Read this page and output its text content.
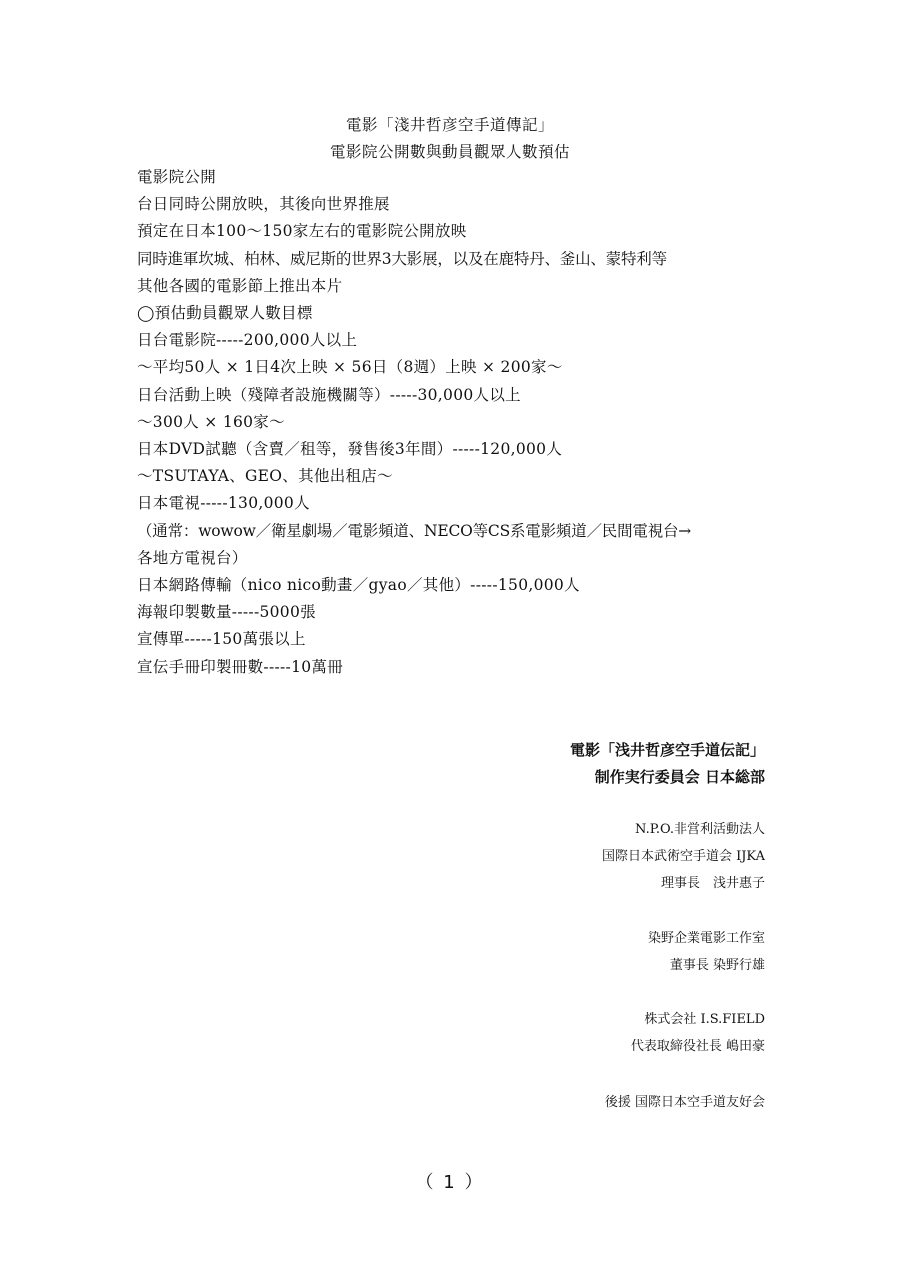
電影「淺井哲彦空手道傳記」
電影院公開數與動員觀眾人數預估
電影院公開
台日同時公開放映，其後向世界推展
預定在日本100～150家左右的電影院公開放映
同時進軍坎城、柏林、威尼斯的世界3大影展，以及在鹿特丹、釜山、蒙特利等
其他各國的電影節上推出本片
◯預估動員觀眾人數目標
日台電影院-----200,000人以上
～平均50人 × 1日4次上映 × 56日（8週）上映 × 200家～
日台活動上映（殘障者設施機關等）-----30,000人以上
～300人 × 160家～
日本DVD試聽（含賣／租等，發售後3年間）-----120,000人
～TSUTAYA、GEO、其他出租店～
日本電視-----130,000人
（通常：wowow／衛星劇場／電影頻道、NECO等CS系電影頻道／民間電視台→
各地方電視台）
日本網路傳輸（nico nico動畫／gyao／其他）-----150,000人
海報印製數量-----5000張
宣傳單-----150萬張以上
宣伝手冊印製冊數-----10萬冊
電影「浅井哲彦空手道伝記」
制作実行委員会 日本総部
N.P.O.非営利活動法人
国際日本武術空手道会 IJKA
理事長　浅井惠子
染野企業電影工作室
董事長 染野行雄
株式会社 I.S.FIELD
代表取締役社長 嶋田豪
後援 国際日本空手道友好会
（ 1 ）
